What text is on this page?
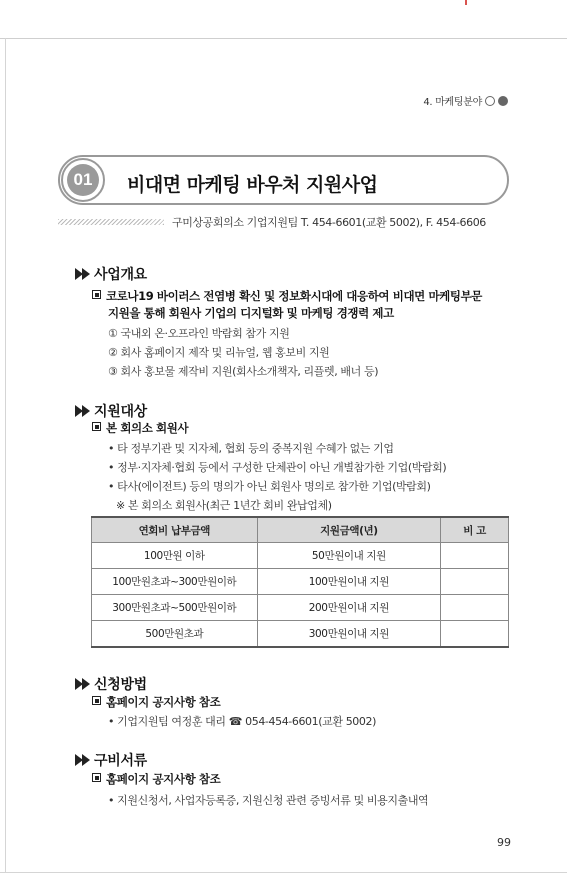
4. 마케팅분야
01	비대면 마케팅 바우처 지원사업
구미상공회의소 기업지원팀 T. 454-6601(교환 5002), F. 454-6606
사업개요
코로나19 바이러스 전염병 확신 및 정보화시대에 대응하여 비대면 마케팅부문
지원을 통해 회원사 기업의 디지털화 및 마케팅 경쟁력 제고
① 국내외 온·오프라인 박람회 참가 지원
② 회사 홈페이지 제작 및 리뉴얼, 웹 홍보비 지원
③ 회사 홍보물 제작비 지원(회사소개책자, 리플렛, 배너 등)
지원대상
본 회의소 회원사
• 타 정부기관 및 지자체, 협회 등의 중복지원 수혜가 없는 기업
• 정부·지자체·협회 등에서 구성한 단체관이 아닌 개별참가한 기업(박람회)
• 타사(에이전트) 등의 명의가 아닌 회원사 명의로 참가한 기업(박람회)
※ 본 회의소 회원사(최근 1년간 회비 완납업체)
연회비 납부금액	지원금액(년)	비 고
100만원 이하	50만원이내 지원	
100만원초과~300만원이하	100만원이내 지원	
300만원초과~500만원이하	200만원이내 지원	
500만원초과	300만원이내 지원	
신청방법
홈페이지 공지사항 참조
• 기업지원팀 여정훈 대리 ☎ 054-454-6601(교환 5002)
구비서류
홈페이지 공지사항 참조
• 지원신청서, 사업자등록증, 지원신청 관련 증빙서류 및 비용지출내역
99
